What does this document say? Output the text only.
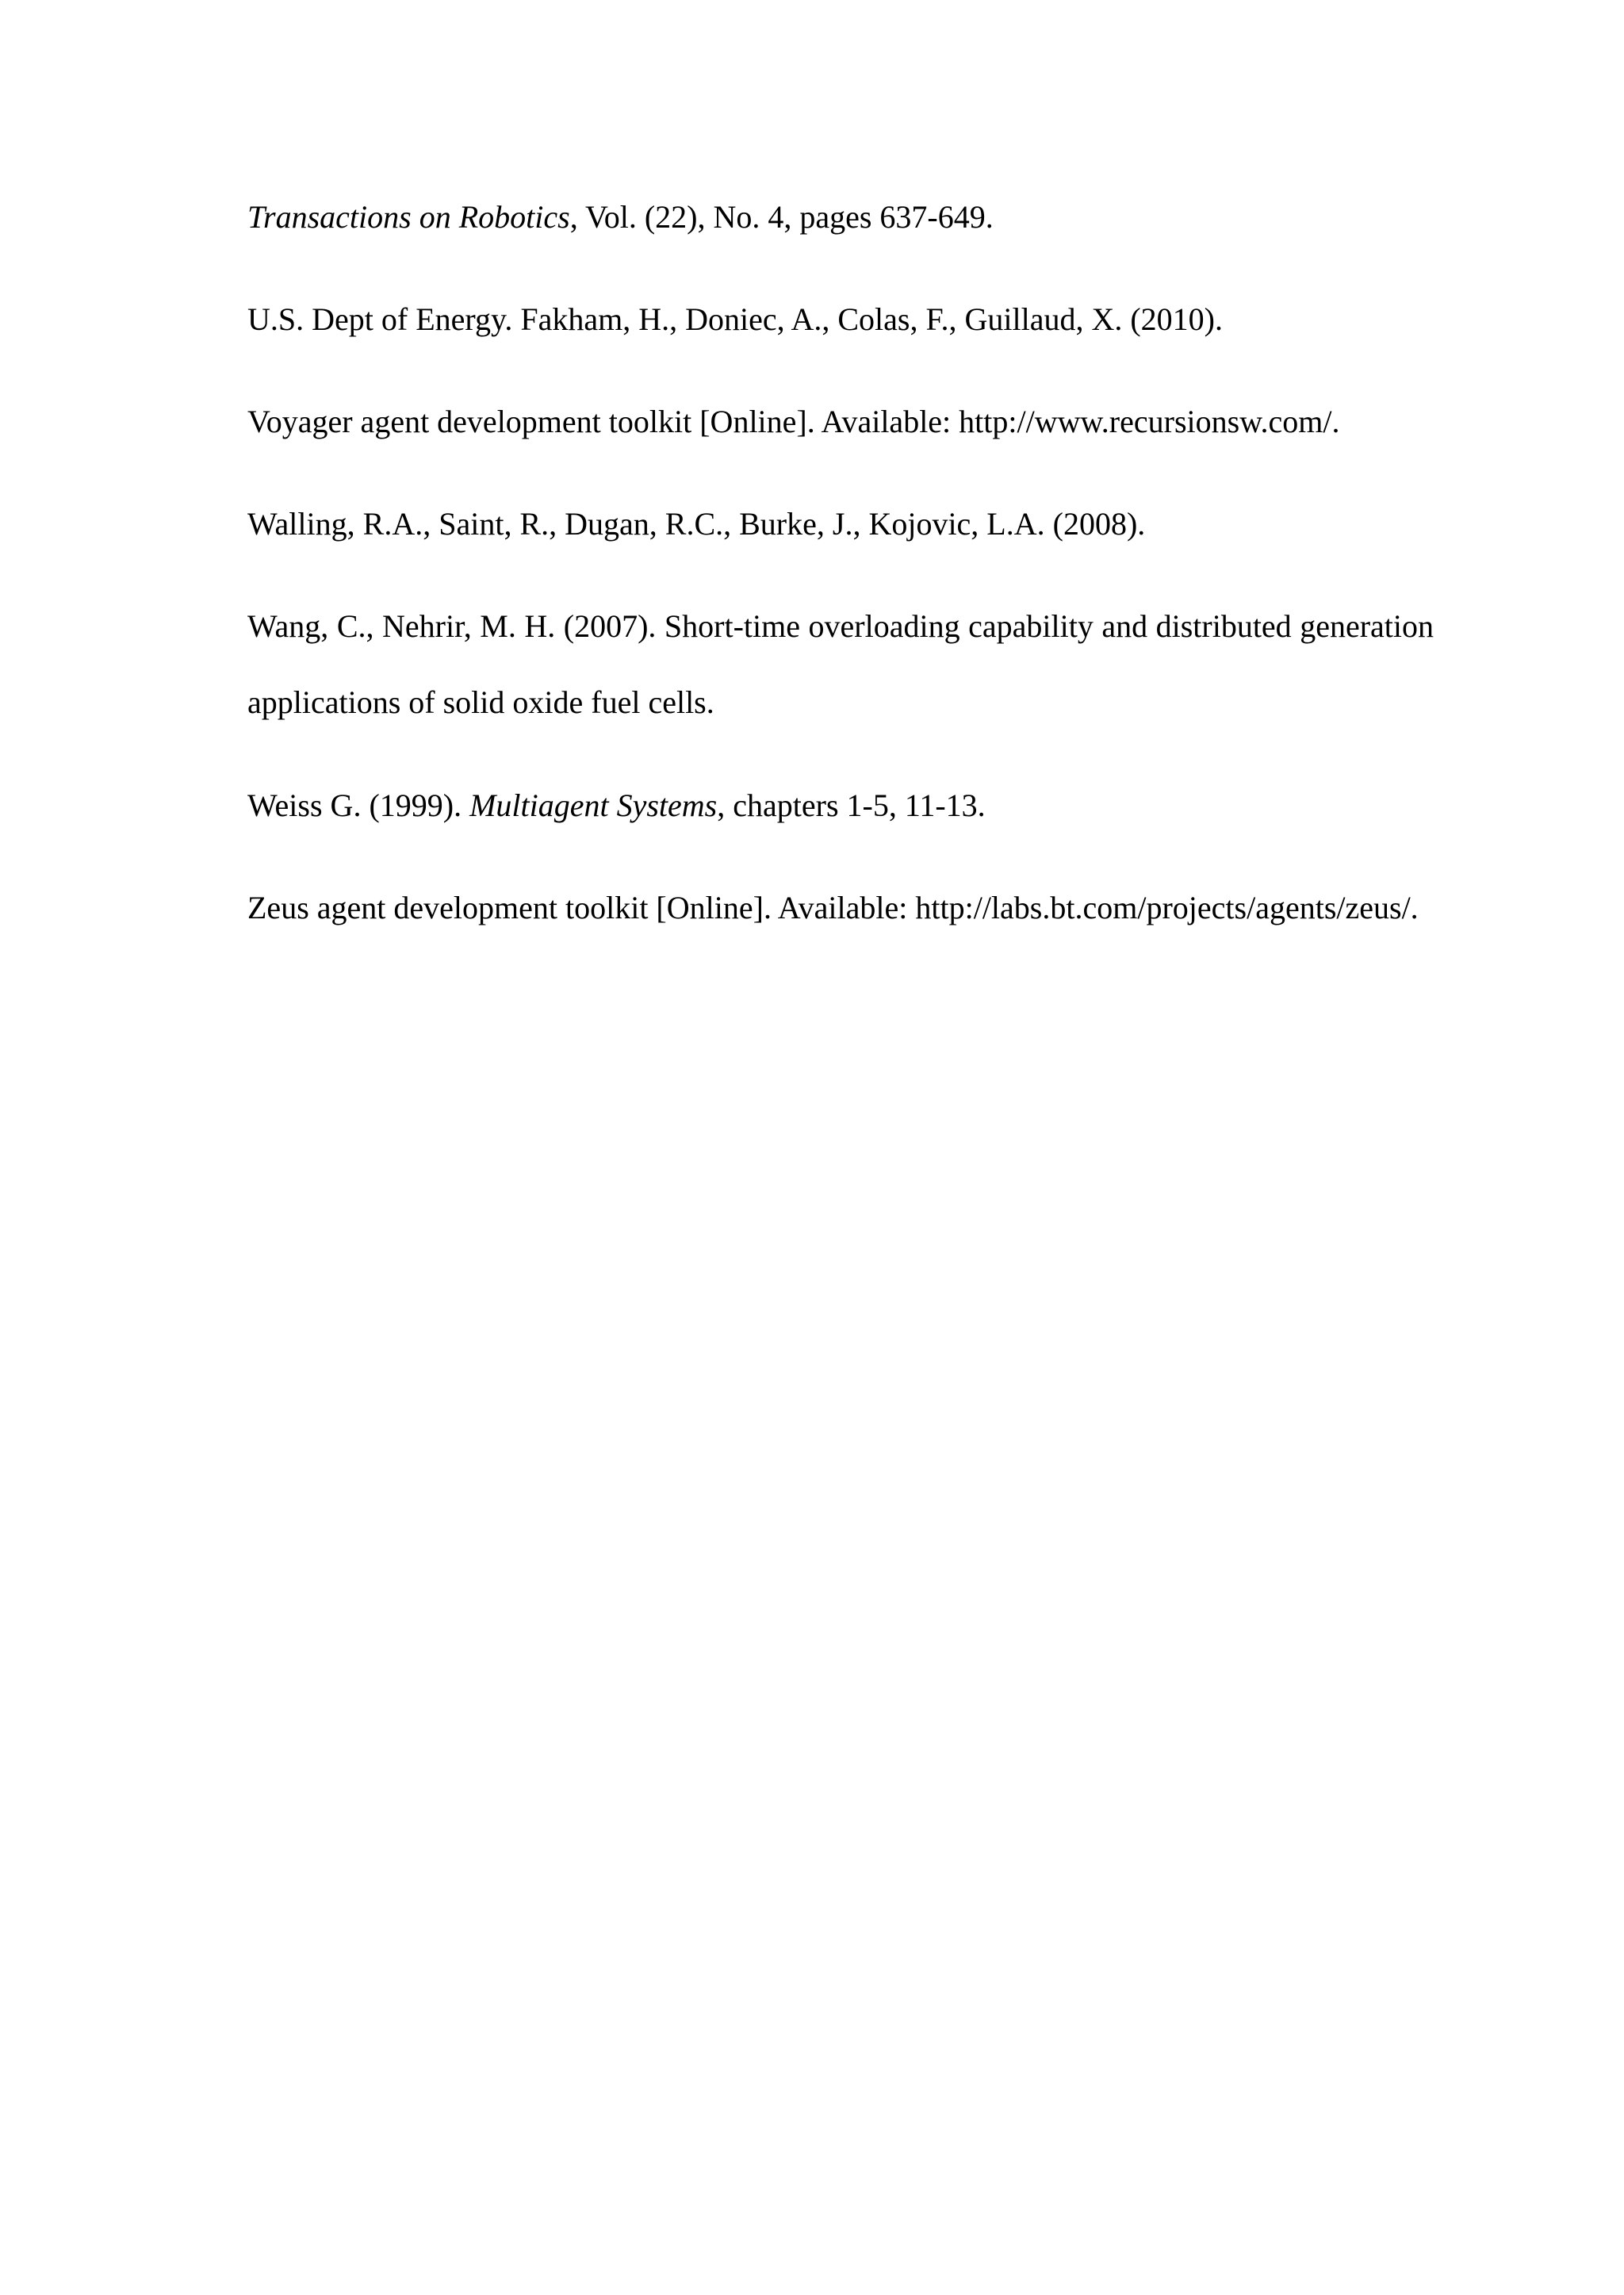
Transactions on Robotics, Vol. (22), No. 4, pages 637-649.

U.S. Dept of Energy. Fakham, H., Doniec, A., Colas, F., Guillaud, X. (2010).

Voyager agent development toolkit [Online]. Available: http://www.recursionsw.com/.

Walling, R.A., Saint, R., Dugan, R.C., Burke, J., Kojovic, L.A. (2008).

Wang, C., Nehrir, M. H. (2007). Short-time overloading capability and distributed generation applications of solid oxide fuel cells.

Weiss G. (1999). Multiagent Systems, chapters 1-5, 11-13.

Zeus agent development toolkit [Online]. Available: http://labs.bt.com/projects/agents/zeus/.
